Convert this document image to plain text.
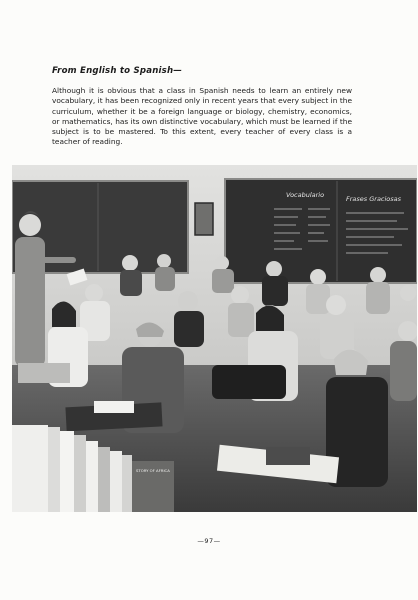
From English to Spanish—
Although it is obvious that a class in Spanish needs to learn an entirely new vocabulary, it has been recognized only in recent years that every subject in the curriculum, whether it be a foreign language or biology, chemistry, economics, or mathematics, has its own distinctive vocabulary, which must be learned if the subject is to be mastered. To this extent, every teacher of every class is a teacher of reading.
Vocabulario	Frases Graciosas
STORY OF AFRICA
—97—
